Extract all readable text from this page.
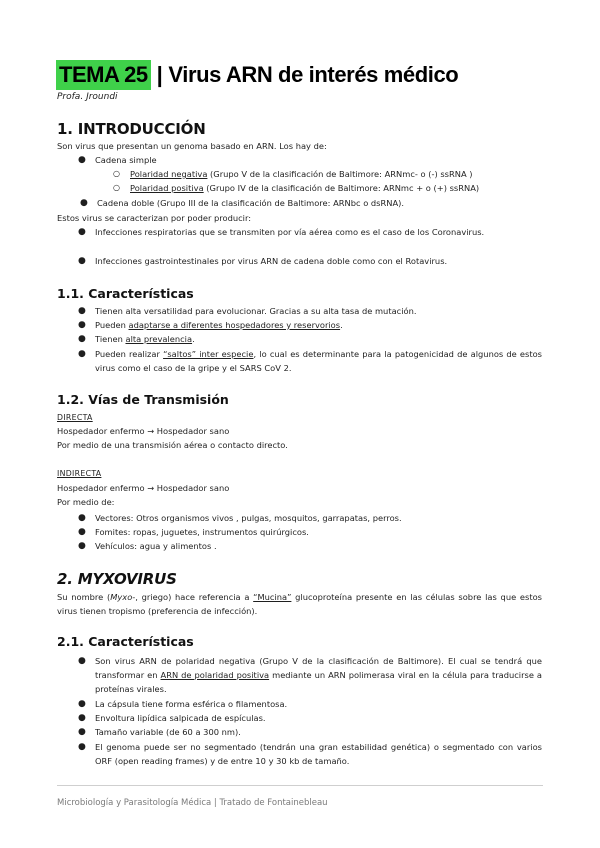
TEMA 25 | Virus ARN de interés médico
Profa. Jroundi
1. INTRODUCCIÓN
Son virus que presentan un genoma basado en ARN. Los hay de:
● Cadena simple
○ Polaridad negativa (Grupo V de la clasificación de Baltimore: ARNmc- o (-) ssRNA )
○ Polaridad positiva (Grupo IV de la clasificación de Baltimore: ARNmc + o (+) ssRNA)
● Cadena doble (Grupo III de la clasificación de Baltimore: ARNbc o dsRNA).
Estos virus se caracterizan por poder producir:
● Infecciones respiratorias que se transmiten por vía aérea como es el caso de los Coronavirus.
● Infecciones gastrointestinales por virus ARN de cadena doble como con el Rotavirus.
1.1. Características
● Tienen alta versatilidad para evolucionar. Gracias a su alta tasa de mutación.
● Pueden adaptarse a diferentes hospedadores y reservorios.
● Tienen alta prevalencia.
● Pueden realizar “saltos” inter especie, lo cual es determinante para la patogenicidad de algunos de estos virus como el caso de la gripe y el SARS CoV 2.
1.2. Vías de Transmisión
DIRECTA
Hospedador enfermo → Hospedador sano
Por medio de una transmisión aérea o contacto directo.
INDIRECTA
Hospedador enfermo → Hospedador sano
Por medio de:
● Vectores: Otros organismos vivos , pulgas, mosquitos, garrapatas, perros.
● Fomites: ropas, juguetes, instrumentos quirúrgicos.
● Vehículos: agua y alimentos .
2. MYXOVIRUS
Su nombre (Myxo-, griego) hace referencia a “Mucina” glucoproteína presente en las células sobre las que estos virus tienen tropismo (preferencia de infección).
2.1. Características
● Son virus ARN de polaridad negativa (Grupo V de la clasificación de Baltimore). El cual se tendrá que transformar en ARN de polaridad positiva mediante un ARN polimerasa viral en la célula para traducirse a proteínas virales.
● La cápsula tiene forma esférica o filamentosa.
● Envoltura lipídica salpicada de espículas.
● Tamaño variable (de 60 a 300 nm).
● El genoma puede ser no segmentado (tendrán una gran estabilidad genética) o segmentado con varios ORF (open reading frames) y de entre 10 y 30 kb de tamaño.
Microbiología y Parasitología Médica | Tratado de Fontainebleau
